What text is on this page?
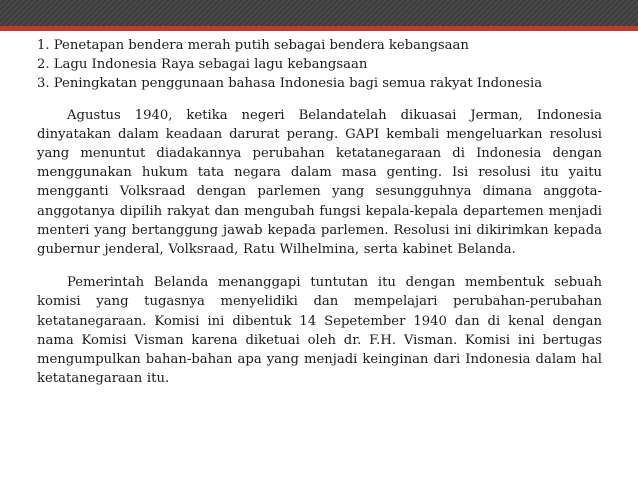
1. Penetapan bendera merah putih sebagai bendera kebangsaan

2. Lagu Indonesia Raya sebagai lagu kebangsaan

3. Peningkatan penggunaan bahasa Indonesia bagi semua rakyat Indonesia

Agustus 1940, ketika negeri Belandatelah dikuasai Jerman, Indonesia dinyatakan dalam keadaan darurat perang. GAPI kembali mengeluarkan resolusi yang menuntut diadakannya perubahan ketatanegaraan di Indonesia dengan menggunakan hukum tata negara dalam masa genting. Isi resolusi itu yaitu mengganti Volksraad dengan parlemen yang sesungguhnya dimana anggota-anggotanya dipilih rakyat dan mengubah fungsi kepala-kepala departemen menjadi menteri yang bertanggung jawab kepada parlemen. Resolusi ini dikirimkan kepada gubernur jenderal, Volksraad, Ratu Wilhelmina, serta kabinet Belanda.

Pemerintah Belanda menanggapi tuntutan itu dengan membentuk sebuah komisi yang tugasnya menyelidiki dan mempelajari perubahan-perubahan ketatanegaraan. Komisi ini dibentuk 14 Sepetember 1940 dan di kenal dengan nama Komisi Visman karena diketuai oleh dr. F.H. Visman. Komisi ini bertugas mengumpulkan bahan-bahan apa yang menjadi keinginan dari Indonesia dalam hal ketatanegaraan itu.
